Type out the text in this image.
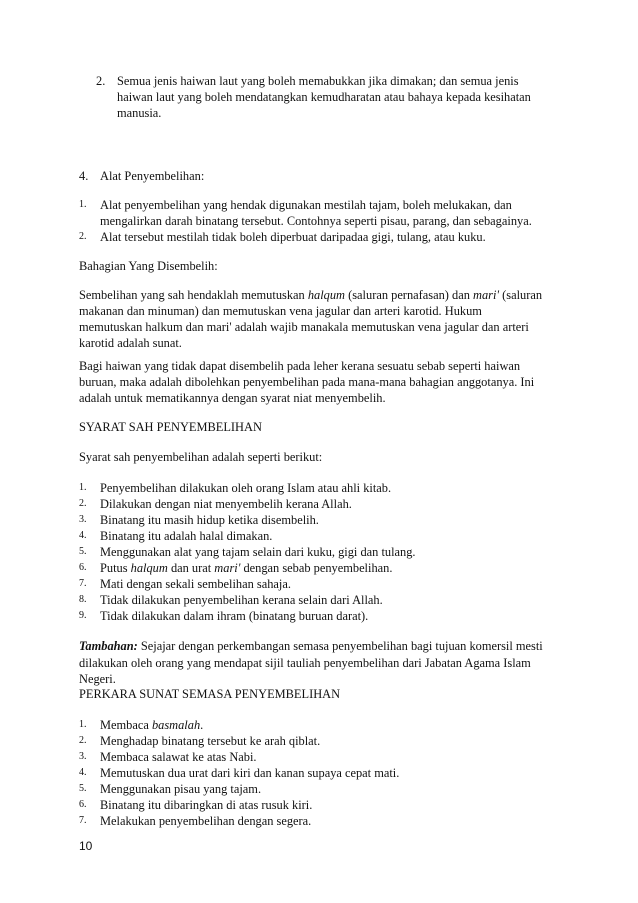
2. Semua jenis haiwan laut yang boleh memabukkan jika dimakan; dan semua jenis
haiwan laut yang boleh mendatangkan kemudharatan atau bahaya kepada kesihatan
manusia.
4. Alat Penyembelihan:
1. Alat penyembelihan yang hendak digunakan mestilah tajam, boleh melukakan, dan
mengalirkan darah binatang tersebut. Contohnya seperti pisau, parang, dan sebagainya.
2. Alat tersebut mestilah tidak boleh diperbuat daripadaa gigi, tulang, atau kuku.
Bahagian Yang Disembelih:
Sembelihan yang sah hendaklah memutuskan halqum (saluran pernafasan) dan mari' (saluran
makanan dan minuman) dan memutuskan vena jagular dan arteri karotid. Hukum
memutuskan halkum dan mari' adalah wajib manakala memutuskan vena jagular dan arteri
karotid adalah sunat.
Bagi haiwan yang tidak dapat disembelih pada leher kerana sesuatu sebab seperti haiwan
buruan, maka adalah dibolehkan penyembelihan pada mana-mana bahagian anggotanya. Ini
adalah untuk mematikannya dengan syarat niat menyembelih.
SYARAT SAH PENYEMBELIHAN
Syarat sah penyembelihan adalah seperti berikut:
1. Penyembelihan dilakukan oleh orang Islam atau ahli kitab.
2. Dilakukan dengan niat menyembelih kerana Allah.
3. Binatang itu masih hidup ketika disembelih.
4. Binatang itu adalah halal dimakan.
5. Menggunakan alat yang tajam selain dari kuku, gigi dan tulang.
6. Putus halqum dan urat mari' dengan sebab penyembelihan.
7. Mati dengan sekali sembelihan sahaja.
8. Tidak dilakukan penyembelihan kerana selain dari Allah.
9. Tidak dilakukan dalam ihram (binatang buruan darat).
Tambahan: Sejajar dengan perkembangan semasa penyembelihan bagi tujuan komersil mesti
dilakukan oleh orang yang mendapat sijil tauliah penyembelihan dari Jabatan Agama Islam
Negeri.
PERKARA SUNAT SEMASA PENYEMBELIHAN
1. Membaca basmalah.
2. Menghadap binatang tersebut ke arah qiblat.
3. Membaca salawat ke atas Nabi.
4. Memutuskan dua urat dari kiri dan kanan supaya cepat mati.
5. Menggunakan pisau yang tajam.
6. Binatang itu dibaringkan di atas rusuk kiri.
7. Melakukan penyembelihan dengan segera.
10
